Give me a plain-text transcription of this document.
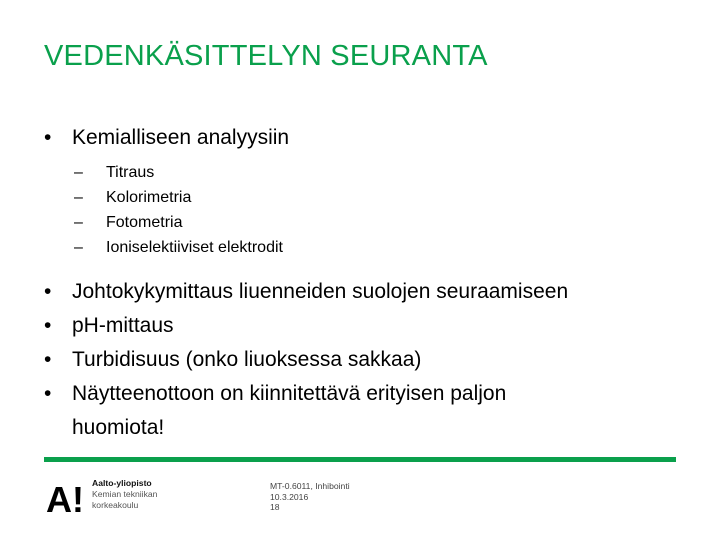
VEDENKÄSITTELYN SEURANTA
• Kemialliseen analyysiin
– Titraus
– Kolorimetria
– Fotometria
– Ioniselektiiviset elektrodit
• Johtokykymittaus liuenneiden suolojen seuraamiseen
• pH-mittaus
• Turbidisuus (onko liuoksessa sakkaa)
• Näytteenottoon on kiinnitettävä erityisen paljon
huomiota!
A! Aalto-yliopisto
Kemian tekniikan
korkeakoulu
MT-0.6011, Inhibointi
10.3.2016
18
